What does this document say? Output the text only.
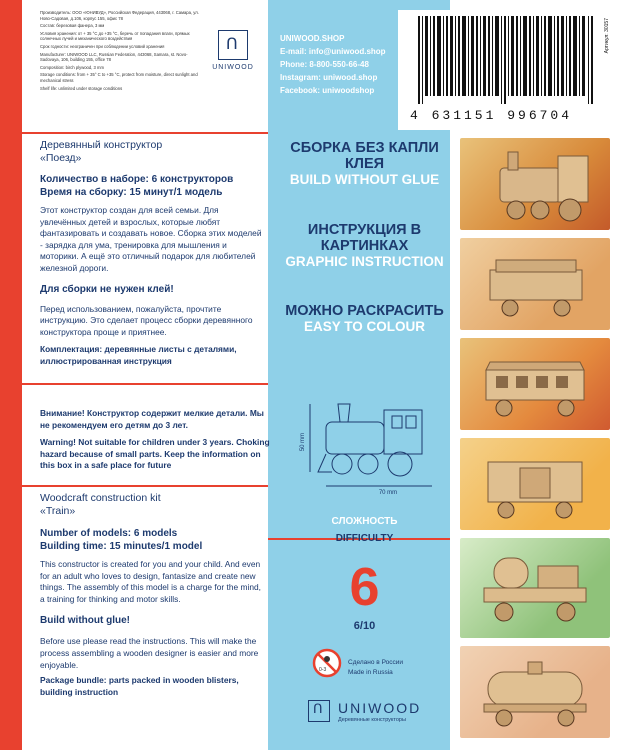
Производитель: ООО «ЮНИВУД», Российская Федерация, 443068, г. Самара, ул. Ново-Садовая, д.106, корпус 155, офис 78

Состав: березовая фанера, 3 мм

Условия хранения: от + 35 °С до +35 °С, беречь от попадания влаги, прямых солнечных лучей и механического воздействия

Срок годности: неограничен при соблюдении условий хранения

Manufacturer: UNIWOOD LLC, Russian Federation, 443068, Samara, st. Novo-Sadovaya, 106, building 155, office 78

Composition: birch plywood, 3 mm

Storage conditions: from + 35° C to +35 °C, protect from moisture, direct sunlight and mechanical stress

Shelf life: unlimited under storage conditions

ꓵ
UNIWOOD
UNIWOOD.SHOP
E-mail: info@uniwood.shop
Phone: 8-800-550-66-48
Instagram: uniwood.shop
Facebook: uniwoodshop
Артикул: 30157
4 631151 996704
Деревянный конструктор
«Поезд»
Количество в наборе: 6 конструкторов
Время на сборку: 15 минут/1 модель
Этот конструктор создан для всей семьи. Для увлечённых детей и взрослых, которые любят фантазировать и создавать новое. Сборка этих моделей - зарядка для ума, тренировка для мышления и моторики. А ещё это отличный подарок для любителей железной дороги.
Для сборки не нужен клей!
Перед использованием, пожалуйста, прочтите инструкцию. Это сделает процесс сборки деревянного конструктора проще и приятнее.
Комплектация: деревянные листы с деталями, иллюстрированная инструкция
Внимание! Конструктор содержит мелкие детали. Мы не рекомендуем его детям до 3 лет.
Warning! Not suitable for children under 3 years. Choking hazard because of small parts. Keep the information on this box in a safe place for future
Woodcraft construction kit
«Train»
Number of models: 6 models
Building time: 15 minutes/1 model
This constructor is created for you and your child. And even for an adult who loves to design, fantasize and create new things. The assembly of this model is a charge for the mind, a training for thinking and motor skills.
Build without glue!
Before use please read the instructions. This will make the process assembling a wooden designer is easier and more enjoyable.
Package bundle: parts packed in wooden blisters, building instruction
СБОРКА БЕЗ КАПЛИ КЛЕЯ
BUILD WITHOUT GLUE
ИНСТРУКЦИЯ В КАРТИНКАХ
GRAPHIC INSTRUCTION
МОЖНО РАСКРАСИТЬ
EASY TO COLOUR
50 mm
70 mm
СЛОЖНОСТЬ
DIFFICULTY
6
6/10
0-3
Сделано в России
Made in Russia
ꓵ UNIWOOD
Деревянные конструкторы
